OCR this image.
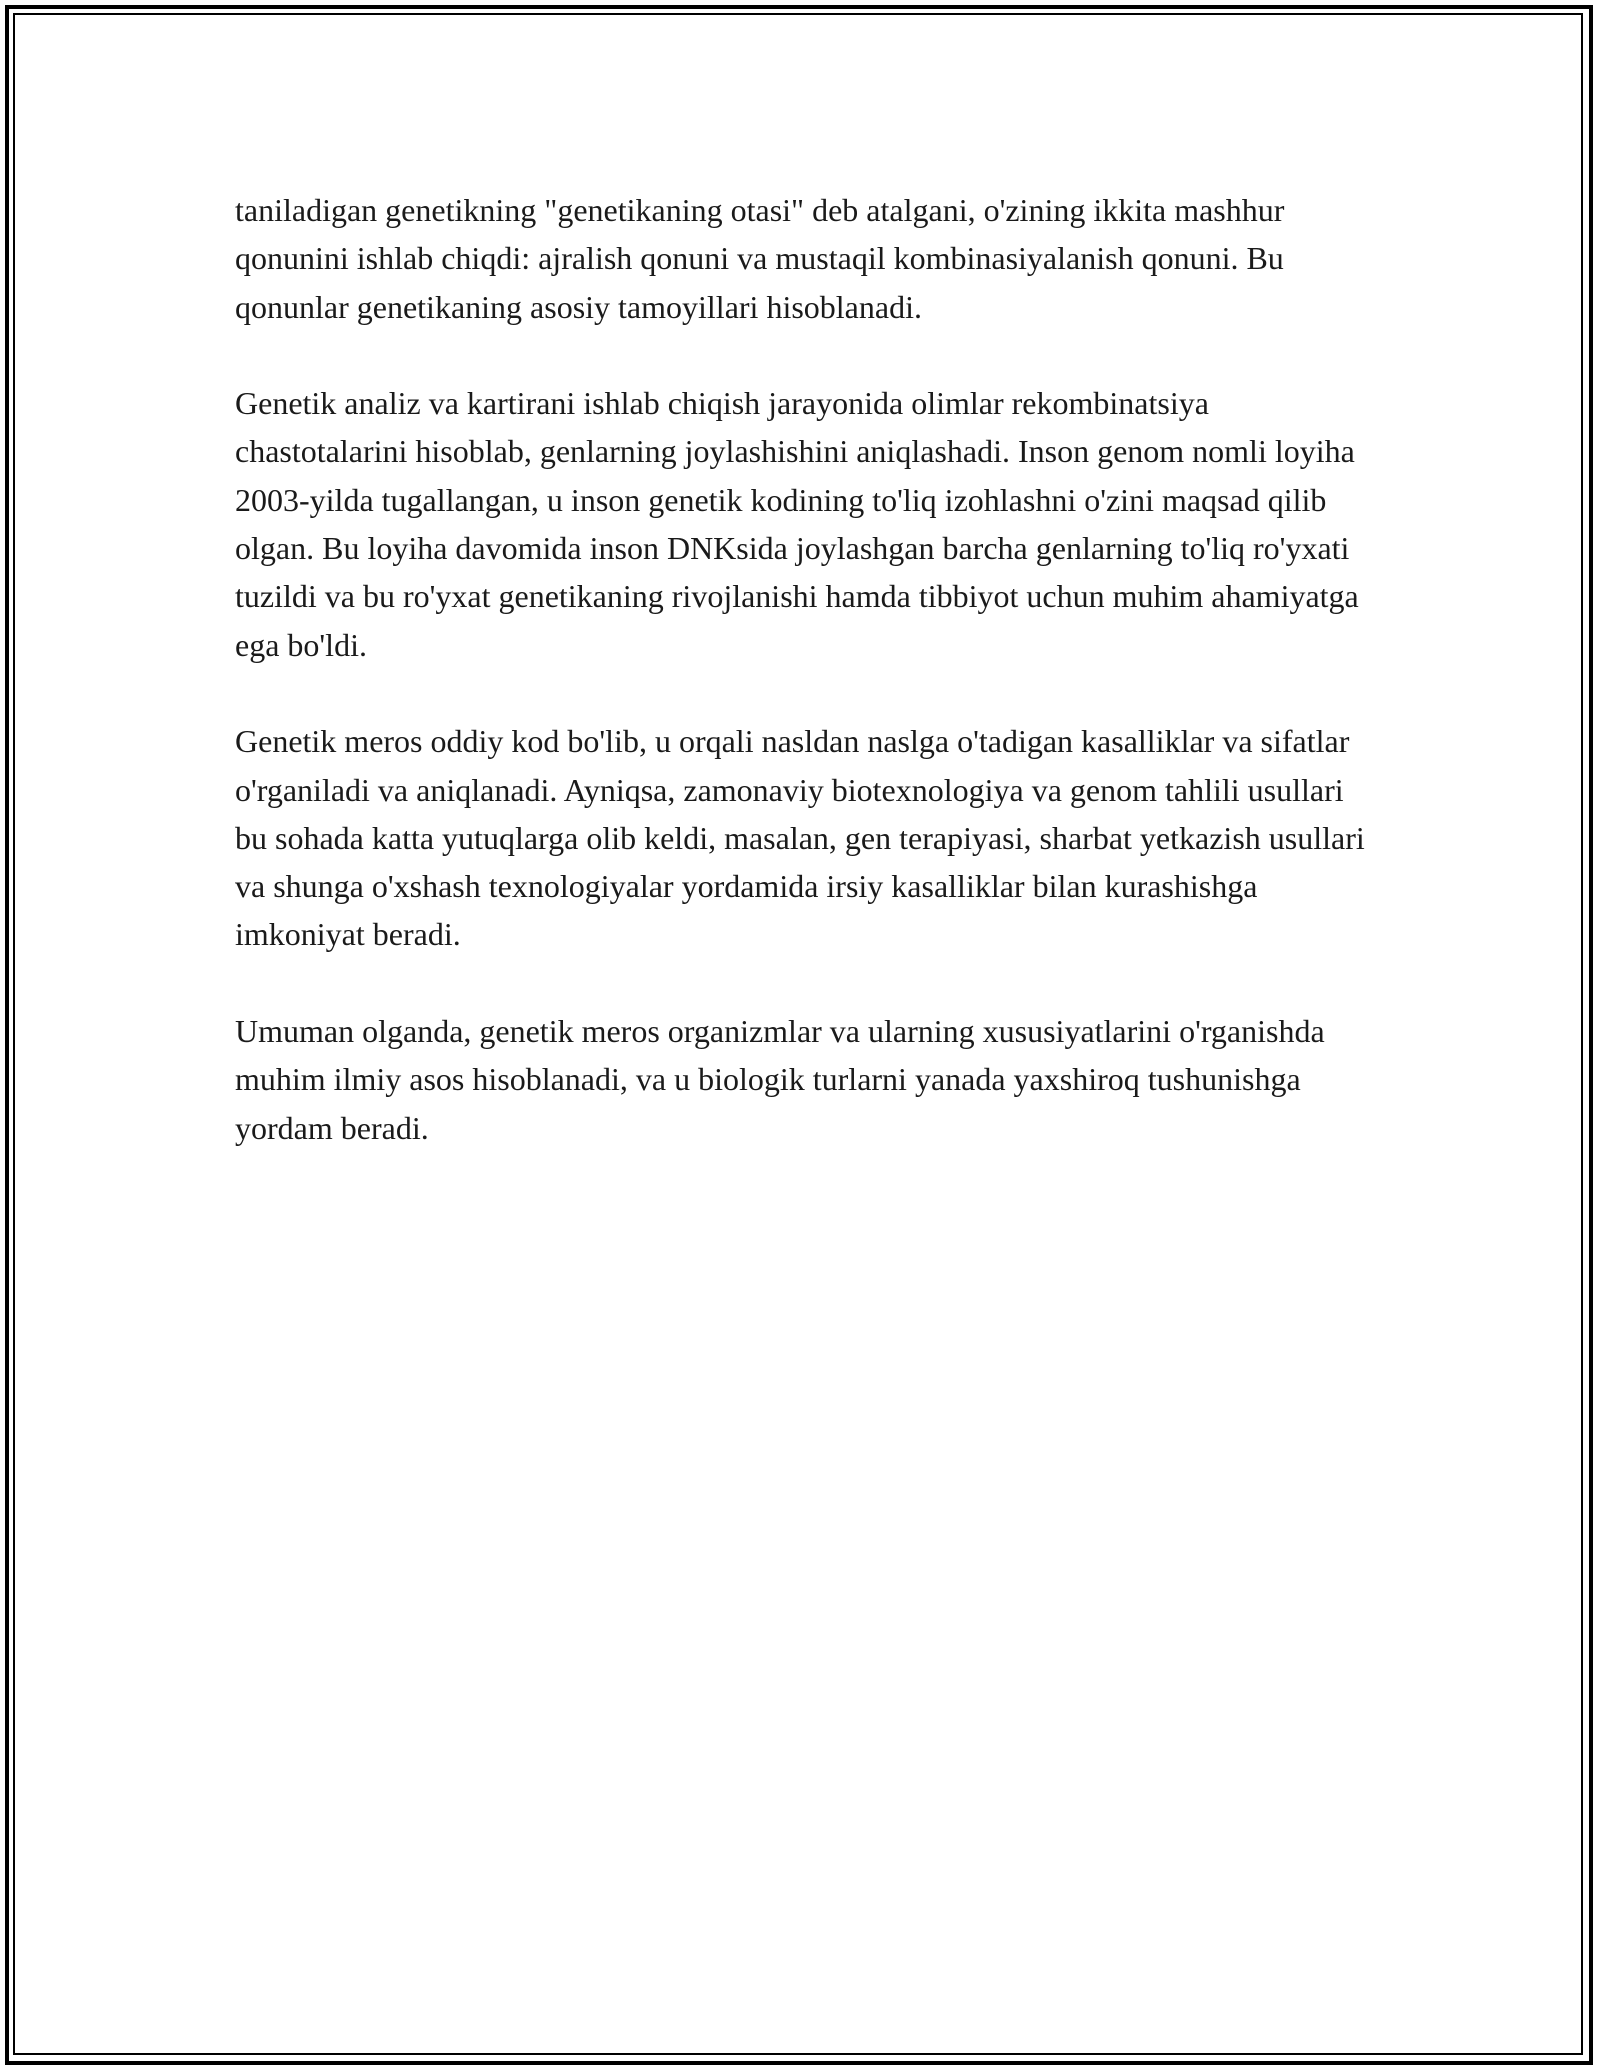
taniladigan genetikning "genetikaning otasi" deb atalgani, o'zining ikkita mashhur qonunini ishlab chiqdi: ajralish qonuni va mustaqil kombinasiyalanish qonuni. Bu qonunlar genetikaning asosiy tamoyillari hisoblanadi.

Genetik analiz va kartirani ishlab chiqish jarayonida olimlar rekombinatsiya chastotalarini hisoblab, genlarning joylashishini aniqlashadi. Inson genom nomli loyiha 2003-yilda tugallangan, u inson genetik kodining to'liq izohlashni o'zini maqsad qilib olgan. Bu loyiha davomida inson DNKsida joylashgan barcha genlarning to'liq ro'yxati tuzildi va bu ro'yxat genetikaning rivojlanishi hamda tibbiyot uchun muhim ahamiyatga ega bo'ldi.

Genetik meros oddiy kod bo'lib, u orqali nasldan naslga o'tadigan kasalliklar va sifatlar o'rganiladi va aniqlanadi. Ayniqsa, zamonaviy biotexnologiya va genom tahlili usullari bu sohada katta yutuqlarga olib keldi, masalan, gen terapiyasi, sharbat yetkazish usullari va shunga o'xshash texnologiyalar yordamida irsiy kasalliklar bilan kurashishga imkoniyat beradi.

Umuman olganda, genetik meros organizmlar va ularning xususiyatlarini o'rganishda muhim ilmiy asos hisoblanadi, va u biologik turlarni yanada yaxshiroq tushunishga yordam beradi.
